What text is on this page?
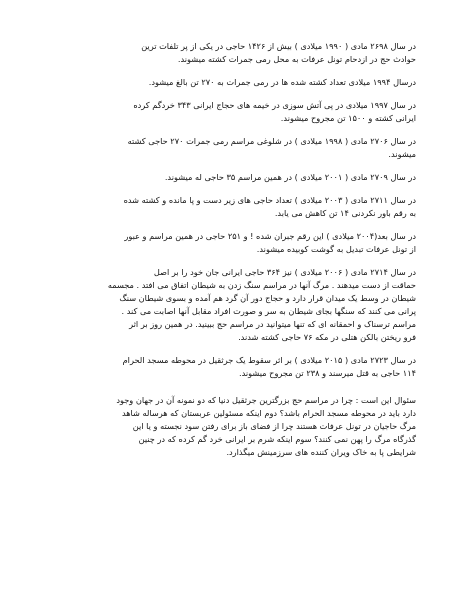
در سال ۲۶۹۸ مادی ( ۱۹۹۰ میلادی ) بیش از ۱۴۲۶ حاجی در یکی از پر تلفات ترین
حوادث حج در ازدحام تونل عرفات به محل رمی جمرات کشته میشوند.

درسال ۱۹۹۴ میلادی تعداد کشته شده ها در رمی جمرات به ۲۷۰ تن بالغ میشود.

در سال ۱۹۹۷ میلادی در پی آتش سوزی در خیمه های حجاج ایرانی ۳۴۳ خردگم کرده
ایرانی کشته و ۱۵۰۰ تن مجروح میشوند.

در سال ۲۷۰۶ مادی ( ۱۹۹۸ میلادی ) در شلوغی مراسم رمی جمرات ۲۷۰ حاجی کشته
میشوند.

در سال ۲۷۰۹ مادی ( ۲۰۰۱ میلادی ) در همین مراسم ۳۵ حاجی له میشوند.

در سال ۲۷۱۱ مادی ( ۲۰۰۳ میلادی ) تعداد حاجی های زیر دست و پا مانده و کشته شده
به رقم باور نکردنی ۱۴ تن کاهش می یابد.

در سال بعد(۲۰۰۴ میلادی ) این رقم جبران شده ! و ۲۵۱ حاجی در همین مراسم و عبور
از تونل عرفات تبدیل به گوشت کوبیده میشوند.

در سال ۲۷۱۴ مادی ( ۲۰۰۶ میلادی ) نیز ۳۶۴ حاجی ایرانی جان خود را بر اصل
حماقت از دست میدهند . مرگ آنها در مراسم سنگ زدن به شیطان اتفاق می افتد . مجسمه
شیطان در وسط یک میدان قرار دارد و حجاج دور آن گرد هم آمده و بسوی شیطان سنگ
پرانی می کنند که سنگها بجای شیطان به سر و صورت افراد مقابل آنها اصابت می کند .
مراسم ترسناک و احمقانه ای که تنها میتوانید در مراسم حج ببینید. در همین روز بر اثر
فرو ریختن بالکن هتلی در مکه ۷۶ حاجی کشته شدند.

در سال ۲۷۲۳ مادی ( ۲۰۱۵ میلادی ) بر اثر سقوط یک جرثقیل در محوطه مسجد الحرام
۱۱۴ حاجی به قتل میرسند و ۲۳۸ تن مجروح میشوند.

سئوال این است : چرا در مراسم حج بزرگترین جرثقیل دنیا که دو نمونه آن در جهان وجود
دارد باید در محوطه مسجد الحرام باشد؟ دوم اینکه مسئولین عربستان که هرساله شاهد
مرگ حاجیان در تونل عرفات هستند چرا از فضای باز برای رفتن سود نجسته و یا این
گذرگاه مرگ را پهن نمی کنند؟ سوم اینکه شرم بر ایرانی خرد گم کرده که در چنین
شرایطی پا به خاک ویران کننده های سرزمینش میگذارد.
